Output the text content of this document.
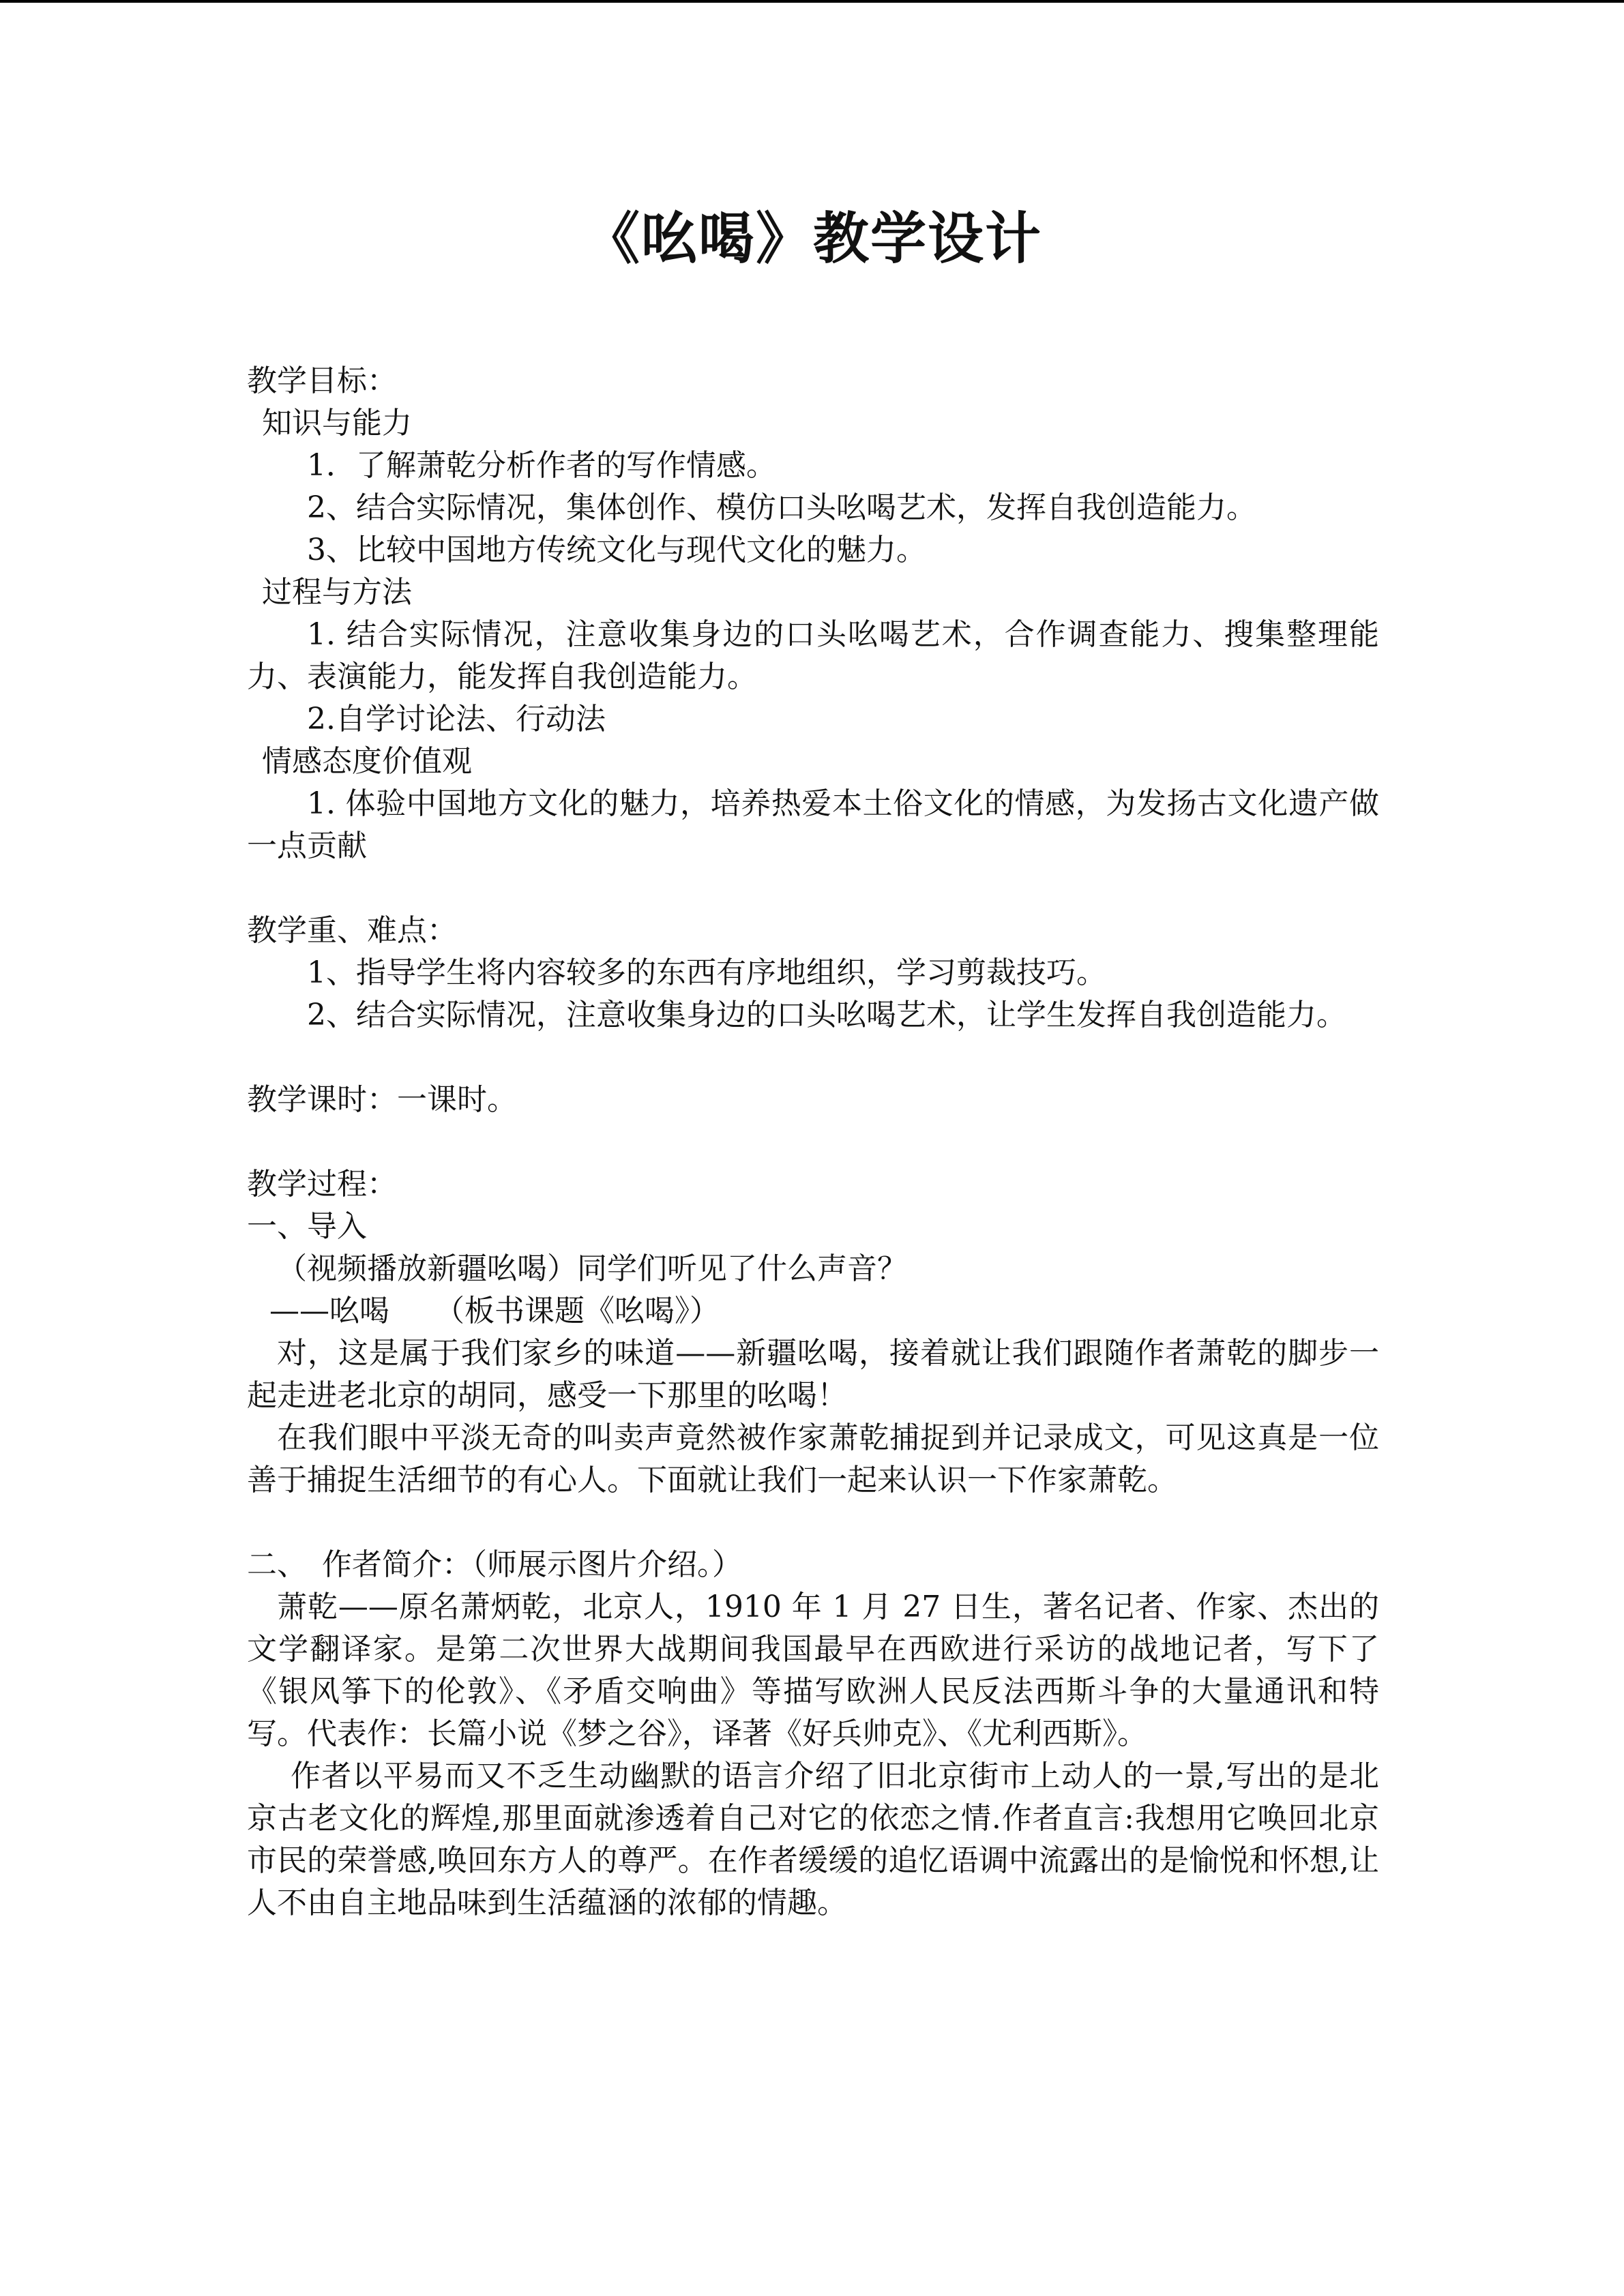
《吆喝》教学设计
教学目标：
知识与能力
1．了解萧乾分析作者的写作情感。
2、结合实际情况，集体创作、模仿口头吆喝艺术，发挥自我创造能力。
3、比较中国地方传统文化与现代文化的魅力。
过程与方法
1. 结合实际情况，注意收集身边的口头吆喝艺术，合作调查能力、搜集整理能力、表演能力，能发挥自我创造能力。
2.自学讨论法、行动法
情感态度价值观
1. 体验中国地方文化的魅力，培养热爱本土俗文化的情感，为发扬古文化遗产做一点贡献
教学重、难点：
1、指导学生将内容较多的东西有序地组织，学习剪裁技巧。
2、结合实际情况，注意收集身边的口头吆喝艺术，让学生发挥自我创造能力。
教学课时：一课时。
教学过程：
一、导入
（视频播放新疆吆喝）同学们听见了什么声音？
——吆喝　　（板书课题《吆喝》）
对，这是属于我们家乡的味道——新疆吆喝，接着就让我们跟随作者萧乾的脚步一起走进老北京的胡同，感受一下那里的吆喝！
在我们眼中平淡无奇的叫卖声竟然被作家萧乾捕捉到并记录成文，可见这真是一位善于捕捉生活细节的有心人。下面就让我们一起来认识一下作家萧乾。
二、　作者简介：（师展示图片介绍。）
萧乾——原名萧炳乾，北京人，1910 年 1 月 27 日生，著名记者、作家、杰出的文学翻译家。是第二次世界大战期间我国最早在西欧进行采访的战地记者，写下了《银风筝下的伦敦》、《矛盾交响曲》等描写欧洲人民反法西斯斗争的大量通讯和特写。代表作：长篇小说《梦之谷》，译著《好兵帅克》、《尤利西斯》。
作者以平易而又不乏生动幽默的语言介绍了旧北京街市上动人的一景,写出的是北京古老文化的辉煌,那里面就渗透着自己对它的依恋之情.作者直言:我想用它唤回北京市民的荣誉感,唤回东方人的尊严。在作者缓缓的追忆语调中流露出的是愉悦和怀想,让人不由自主地品味到生活蕴涵的浓郁的情趣。
